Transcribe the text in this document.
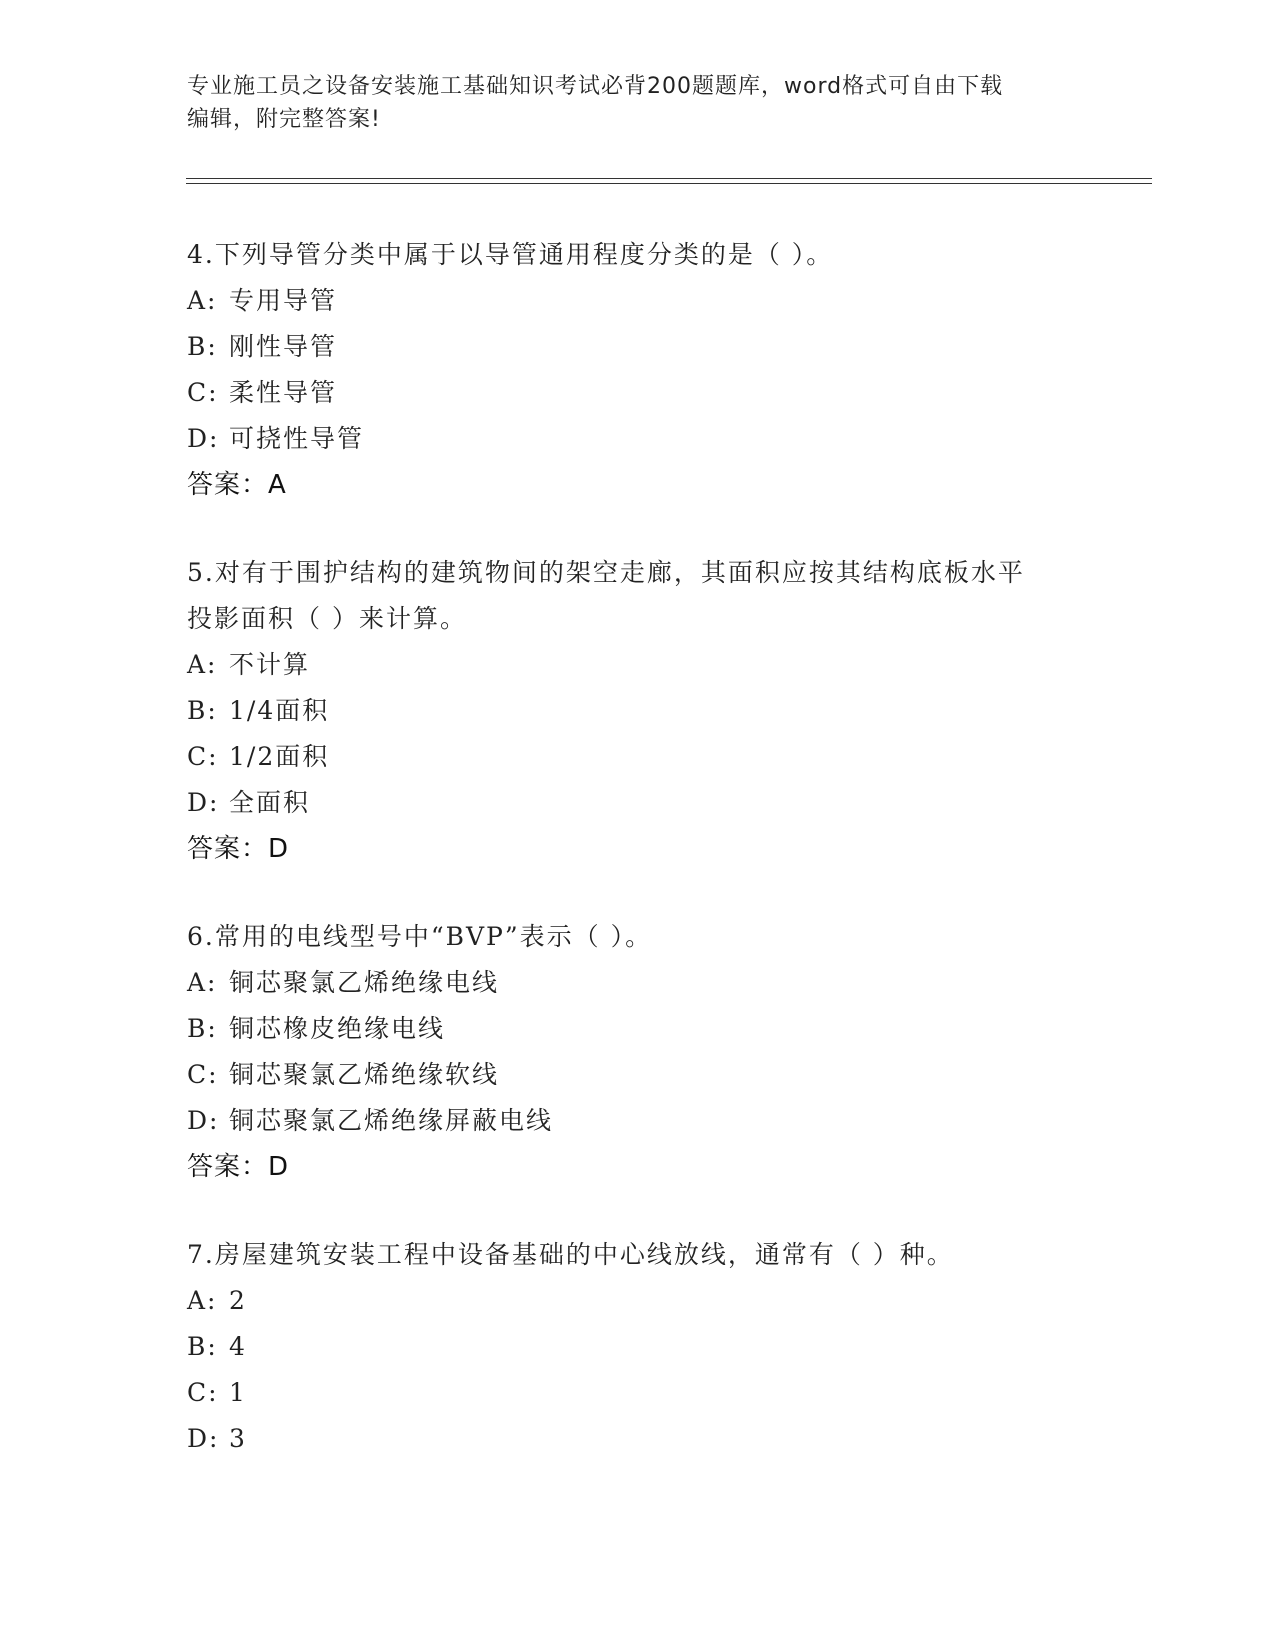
专业施工员之设备安装施工基础知识考试必背200题题库，word格式可自由下载
编辑，附完整答案!
4.下列导管分类中属于以导管通用程度分类的是（ ）。
A: 专用导管
B: 刚性导管
C: 柔性导管
D: 可挠性导管
答案：A
5.对有于围护结构的建筑物间的架空走廊，其面积应按其结构底板水平投影面积（ ）来计算。
A: 不计算
B: 1/4面积
C: 1/2面积
D: 全面积
答案：D
6.常用的电线型号中“BVP”表示（ ）。
A: 铜芯聚氯乙烯绝缘电线
B: 铜芯橡皮绝缘电线
C: 铜芯聚氯乙烯绝缘软线
D: 铜芯聚氯乙烯绝缘屏蔽电线
答案：D
7.房屋建筑安装工程中设备基础的中心线放线，通常有（ ）种。
A: 2
B: 4
C: 1
D: 3
